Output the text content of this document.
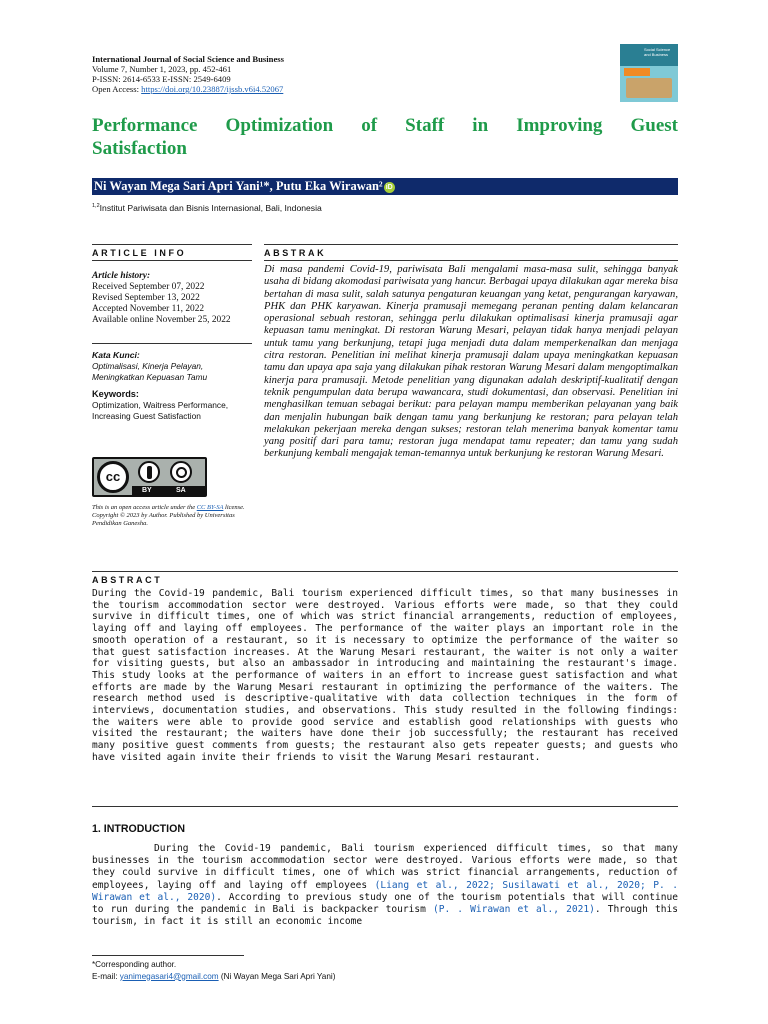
International Journal of Social Science and Business
Volume 7, Number 1, 2023, pp. 452-461
P-ISSN: 2614-6533 E-ISSN: 2549-6409
Open Access: https://doi.org/10.23887/ijssb.v6i4.52067
Social Science and Business
Performance Optimization of Staff in Improving Guest
Satisfaction
Ni Wayan Mega Sari Apri Yani¹*, Putu Eka Wirawan² iD
$^{1,2}$Institut Pariwisata dan Bisnis Internasional, Bali, Indonesia
ARTICLE INFO	ABSTRAK
Article history:
Received September 07, 2022
Revised September 13, 2022
Accepted November 11, 2022
Available online November 25, 2022
Kata Kunci:
Optimalisasi, Kinerja Pelayan, Meningkatkan Kepuasan Tamu
Keywords:
Optimization, Waitress Performance, Increasing Guest Satisfaction
cc
BY	SA
This is an open access article under the CC BY-SA license.
Copyright © 2023 by Author. Published by Universitas Pendidikan Ganesha.
Di masa pandemi Covid-19, pariwisata Bali mengalami masa-masa sulit, sehingga banyak usaha di bidang akomodasi pariwisata yang hancur. Berbagai upaya dilakukan agar mereka bisa bertahan di masa sulit, salah satunya pengaturan keuangan yang ketat, pengurangan karyawan, PHK dan PHK karyawan. Kinerja pramusaji memegang peranan penting dalam kelancaran operasional sebuah restoran, sehingga perlu dilakukan optimalisasi kinerja pramusaji agar kepuasan tamu meningkat. Di restoran Warung Mesari, pelayan tidak hanya menjadi pelayan untuk tamu yang berkunjung, tetapi juga menjadi duta dalam memperkenalkan dan menjaga citra restoran. Penelitian ini melihat kinerja pramusaji dalam upaya meningkatkan kepuasan tamu dan upaya apa saja yang dilakukan pihak restoran Warung Mesari dalam mengoptimalkan kinerja para pramusaji. Metode penelitian yang digunakan adalah deskriptif-kualitatif dengan teknik pengumpulan data berupa wawancara, studi dokumentasi, dan observasi. Penelitian ini menghasilkan temuan sebagai berikut: para pelayan mampu memberikan pelayanan yang baik dan menjalin hubungan baik dengan tamu yang berkunjung ke restoran; para pelayan telah melakukan pekerjaan mereka dengan sukses; restoran telah menerima banyak komentar tamu yang positif dari para tamu; restoran juga mendapat tamu repeater; dan tamu yang sudah berkunjung kembali mengajak teman-temannya untuk berkunjung ke restoran Warung Mesari.
ABSTRACT
During the Covid-19 pandemic, Bali tourism experienced difficult times, so that many businesses in the tourism accommodation sector were destroyed. Various efforts were made, so that they could survive in difficult times, one of which was strict financial arrangements, reduction of employees, laying off and laying off employees. The performance of the waiter plays an important role in the smooth operation of a restaurant, so it is necessary to optimize the performance of the waiter so that guest satisfaction increases. At the Warung Mesari restaurant, the waiter is not only a waiter for visiting guests, but also an ambassador in introducing and maintaining the restaurant's image. This study looks at the performance of waiters in an effort to increase guest satisfaction and what efforts are made by the Warung Mesari restaurant in optimizing the performance of the waiters. The research method used is descriptive-qualitative with data collection techniques in the form of interviews, documentation studies, and observations. This study resulted in the following findings: the waiters were able to provide good service and establish good relationships with guests who visited the restaurant; the waiters have done their job successfully; the restaurant has received many positive guest comments from guests; the restaurant also gets repeater guests; and guests who have visited again invite their friends to visit the Warung Mesari restaurant.
1. INTRODUCTION
During the Covid-19 pandemic, Bali tourism experienced difficult times, so that many businesses in the tourism accommodation sector were destroyed. Various efforts were made, so that they could survive in difficult times, one of which was strict financial arrangements, reduction of employees, laying off and laying off employees (Liang et al., 2022; Susilawati et al., 2020; P. . Wirawan et al., 2020). According to previous study one of the tourism potentials that will continue to run during the pandemic in Bali is backpacker tourism (P. . Wirawan et al., 2021). Through this tourism, in fact it is still an economic income
*Corresponding author.
E-mail: yanimegasari4@gmail.com (Ni Wayan Mega Sari Apri Yani)
